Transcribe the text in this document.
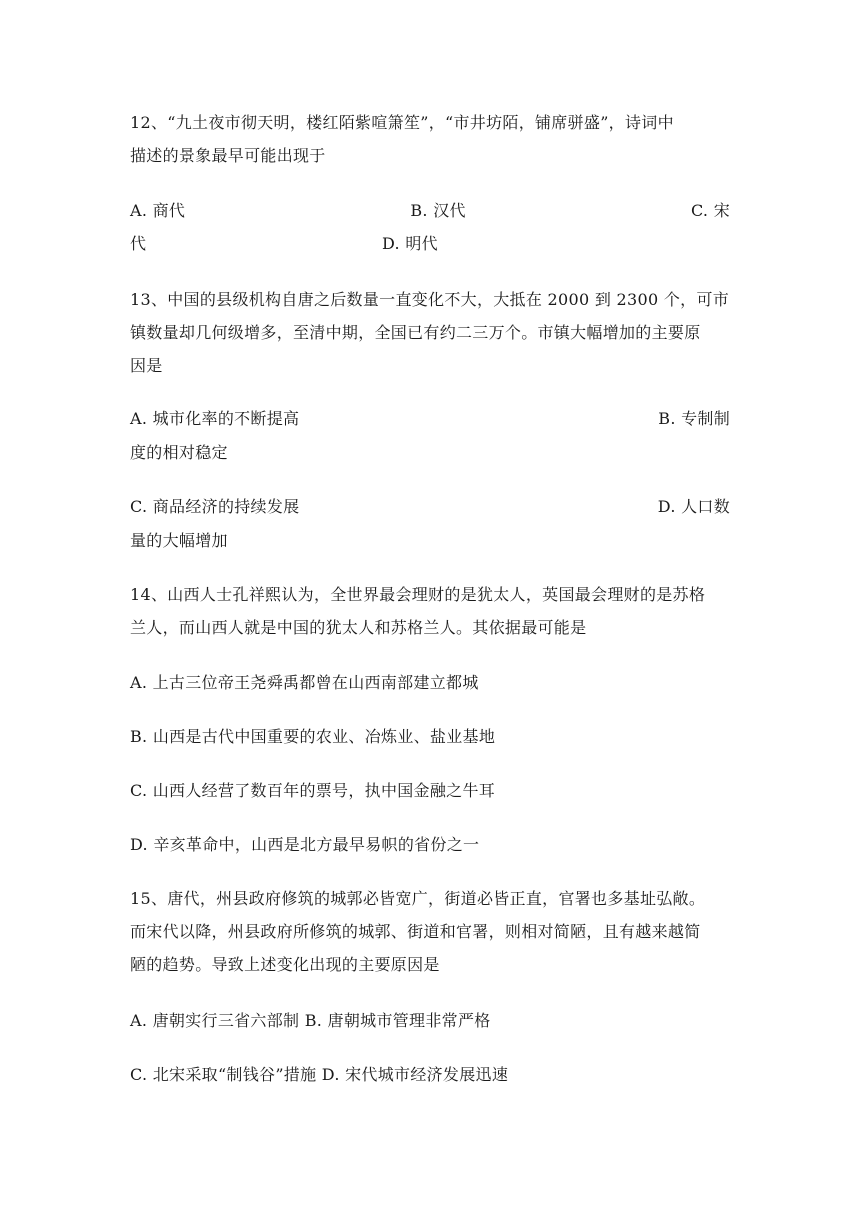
12、“九土夜市彻天明，楼红陌紫喧箫笙”，“市井坊陌，铺席骈盛”，诗词中
描述的景象最早可能出现于
A. 商代	B. 汉代	C. 宋
代	D. 明代
13、中国的县级机构自唐之后数量一直变化不大，大抵在 2000 到 2300 个，可市
镇数量却几何级增多，至清中期，全国已有约二三万个。市镇大幅增加的主要原
因是
A. 城市化率的不断提高	B. 专制制
度的相对稳定
C. 商品经济的持续发展	D. 人口数
量的大幅增加
14、山西人士孔祥熙认为，全世界最会理财的是犹太人，英国最会理财的是苏格
兰人，而山西人就是中国的犹太人和苏格兰人。其依据最可能是
A. 上古三位帝王尧舜禹都曾在山西南部建立都城
B. 山西是古代中国重要的农业、冶炼业、盐业基地
C. 山西人经营了数百年的票号，执中国金融之牛耳
D. 辛亥革命中，山西是北方最早易帜的省份之一
15、唐代，州县政府修筑的城郭必皆宽广，街道必皆正直，官署也多基址弘敞。
而宋代以降，州县政府所修筑的城郭、街道和官署，则相对简陋，且有越来越简
陋的趋势。导致上述变化出现的主要原因是
A. 唐朝实行三省六部制 B. 唐朝城市管理非常严格
C. 北宋采取“制钱谷”措施 D. 宋代城市经济发展迅速
